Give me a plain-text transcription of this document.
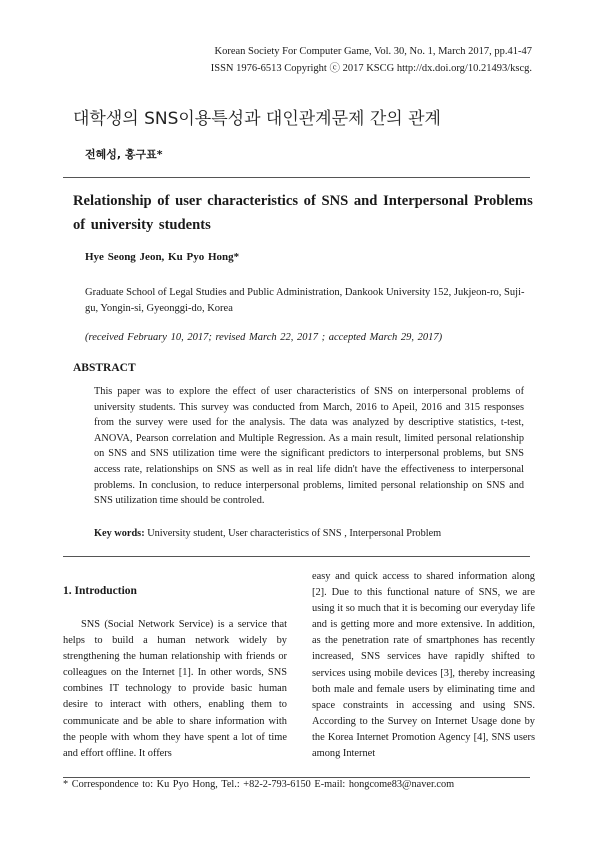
Korean Society For Computer Game, Vol. 30, No. 1, March 2017, pp.41-47
ISSN 1976-6513 Copyright ⓒ 2017 KSCG http://dx.doi.org/10.21493/kscg.
대학생의 SNS이용특성과 대인관계문제 간의 관계
전혜성, 홍구표*
Relationship of user characteristics of SNS and Interpersonal Problems of university students
Hye Seong Jeon, Ku Pyo Hong*
Graduate School of Legal Studies and Public Administration, Dankook University 152, Jukjeon-ro, Suji-gu, Yongin-si, Gyeonggi-do, Korea
(received February 10, 2017; revised March 22, 2017 ; accepted March 29, 2017)
ABSTRACT
This paper was to explore the effect of user characteristics of SNS on interpersonal problems of university students. This survey was conducted from March, 2016 to Apeil, 2016 and 315 responses from the survey were used for the analysis. The data was analyzed by descriptive statistics, t-test, ANOVA, Pearson correlation and Multiple Regression. As a main result, limited personal relationship on SNS and SNS utilization time were the significant predictors to interpersonal problems, but SNS access rate, relationships on SNS as well as in real life didn't have the effectiveness to interpersonal problems. In conclusion, to reduce interpersonal problems, limited personal relationship on SNS and SNS utilization time should be controled.
Key words: University student, User characteristics of SNS , Interpersonal Problem
1. Introduction
SNS (Social Network Service) is a service that helps to build a human network widely by strengthening the human relationship with friends or colleagues on the Internet [1]. In other words, SNS combines IT technology to provide basic human desire to interact with others, enabling them to communicate and be able to share information with the people with whom they have spent a lot of time and effort offline. It offers
easy and quick access to shared information along [2]. Due to this functional nature of SNS, we are using it so much that it is becoming our everyday life and is getting more and more extensive. In addition, as the penetration rate of smartphones has recently increased, SNS services have rapidly shifted to services using mobile devices [3], thereby increasing both male and female users by eliminating time and space constraints in accessing and using SNS. According to the Survey on Internet Usage done by the Korea Internet Promotion Agency [4], SNS users among Internet
* Correspondence to: Ku Pyo Hong, Tel.: +82-2-793-6150 E-mail: hongcome83@naver.com
